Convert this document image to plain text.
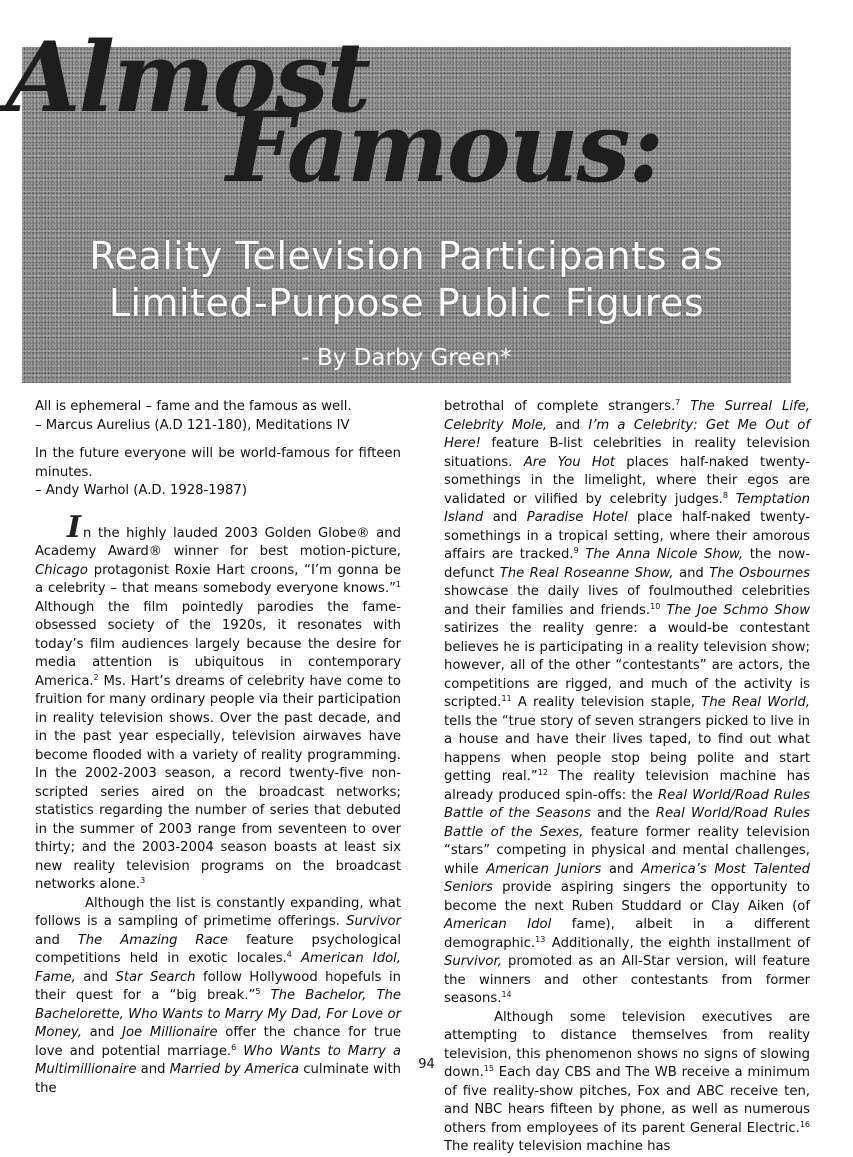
Almost
Famous:
Reality Television Participants as
Limited-Purpose Public Figures
- By Darby Green*

All is ephemeral – fame and the famous as well.

– Marcus Aurelius (A.D 121-180), Meditations IV

In the future everyone will be world-famous for fifteen minutes.

– Andy Warhol (A.D. 1928-1987)

In the highly lauded 2003 Golden Globe® and Academy Award® winner for best motion-picture, Chicago protagonist Roxie Hart croons, “I’m gonna be a celebrity – that means somebody everyone knows.”$^1$ Although the film pointedly parodies the fame-obsessed society of the 1920s, it resonates with today’s film audiences largely because the desire for media attention is ubiquitous in contemporary America.$^2$ Ms. Hart’s dreams of celebrity have come to fruition for many ordinary people via their participation in reality television shows. Over the past decade, and in the past year especially, television airwaves have become flooded with a variety of reality programming. In the 2002-2003 season, a record twenty-five non-scripted series aired on the broadcast networks; statistics regarding the number of series that debuted in the summer of 2003 range from seventeen to over thirty; and the 2003-2004 season boasts at least six new reality television programs on the broadcast networks alone.$^3$

Although the list is constantly expanding, what follows is a sampling of primetime offerings. Survivor and The Amazing Race feature psychological competitions held in exotic locales.$^4$ American Idol, Fame, and Star Search follow Hollywood hopefuls in their quest for a “big break.”$^5$ The Bachelor, The Bachelorette, Who Wants to Marry My Dad, For Love or Money, and Joe Millionaire offer the chance for true love and potential marriage.$^6$ Who Wants to Marry a Multimillionaire and Married by America culminate with the

betrothal of complete strangers.$^7$ The Surreal Life, Celebrity Mole, and I’m a Celebrity: Get Me Out of Here! feature B-list celebrities in reality television situations. Are You Hot places half-naked twenty-somethings in the limelight, where their egos are validated or vilified by celebrity judges.$^8$ Temptation Island and Paradise Hotel place half-naked twenty-somethings in a tropical setting, where their amorous affairs are tracked.$^9$ The Anna Nicole Show, the now-defunct The Real Roseanne Show, and The Osbournes showcase the daily lives of foulmouthed celebrities and their families and friends.$^{10}$ The Joe Schmo Show satirizes the reality genre: a would-be contestant believes he is participating in a reality television show; however, all of the other “contestants” are actors, the competitions are rigged, and much of the activity is scripted.$^{11}$ A reality television staple, The Real World, tells the “true story of seven strangers picked to live in a house and have their lives taped, to find out what happens when people stop being polite and start getting real.”$^{12}$ The reality television machine has already produced spin-offs: the Real World/Road Rules Battle of the Seasons and the Real World/Road Rules Battle of the Sexes, feature former reality television “stars” competing in physical and mental challenges, while American Juniors and America’s Most Talented Seniors provide aspiring singers the opportunity to become the next Ruben Studdard or Clay Aiken (of American Idol fame), albeit in a different demographic.$^{13}$ Additionally, the eighth installment of Survivor, promoted as an All-Star version, will feature the winners and other contestants from former seasons.$^{14}$

Although some television executives are attempting to distance themselves from reality television, this phenomenon shows no signs of slowing down.$^{15}$ Each day CBS and The WB receive a minimum of five reality-show pitches, Fox and ABC receive ten, and NBC hears fifteen by phone, as well as numerous others from employees of its parent General Electric.$^{16}$ The reality television machine has

94
